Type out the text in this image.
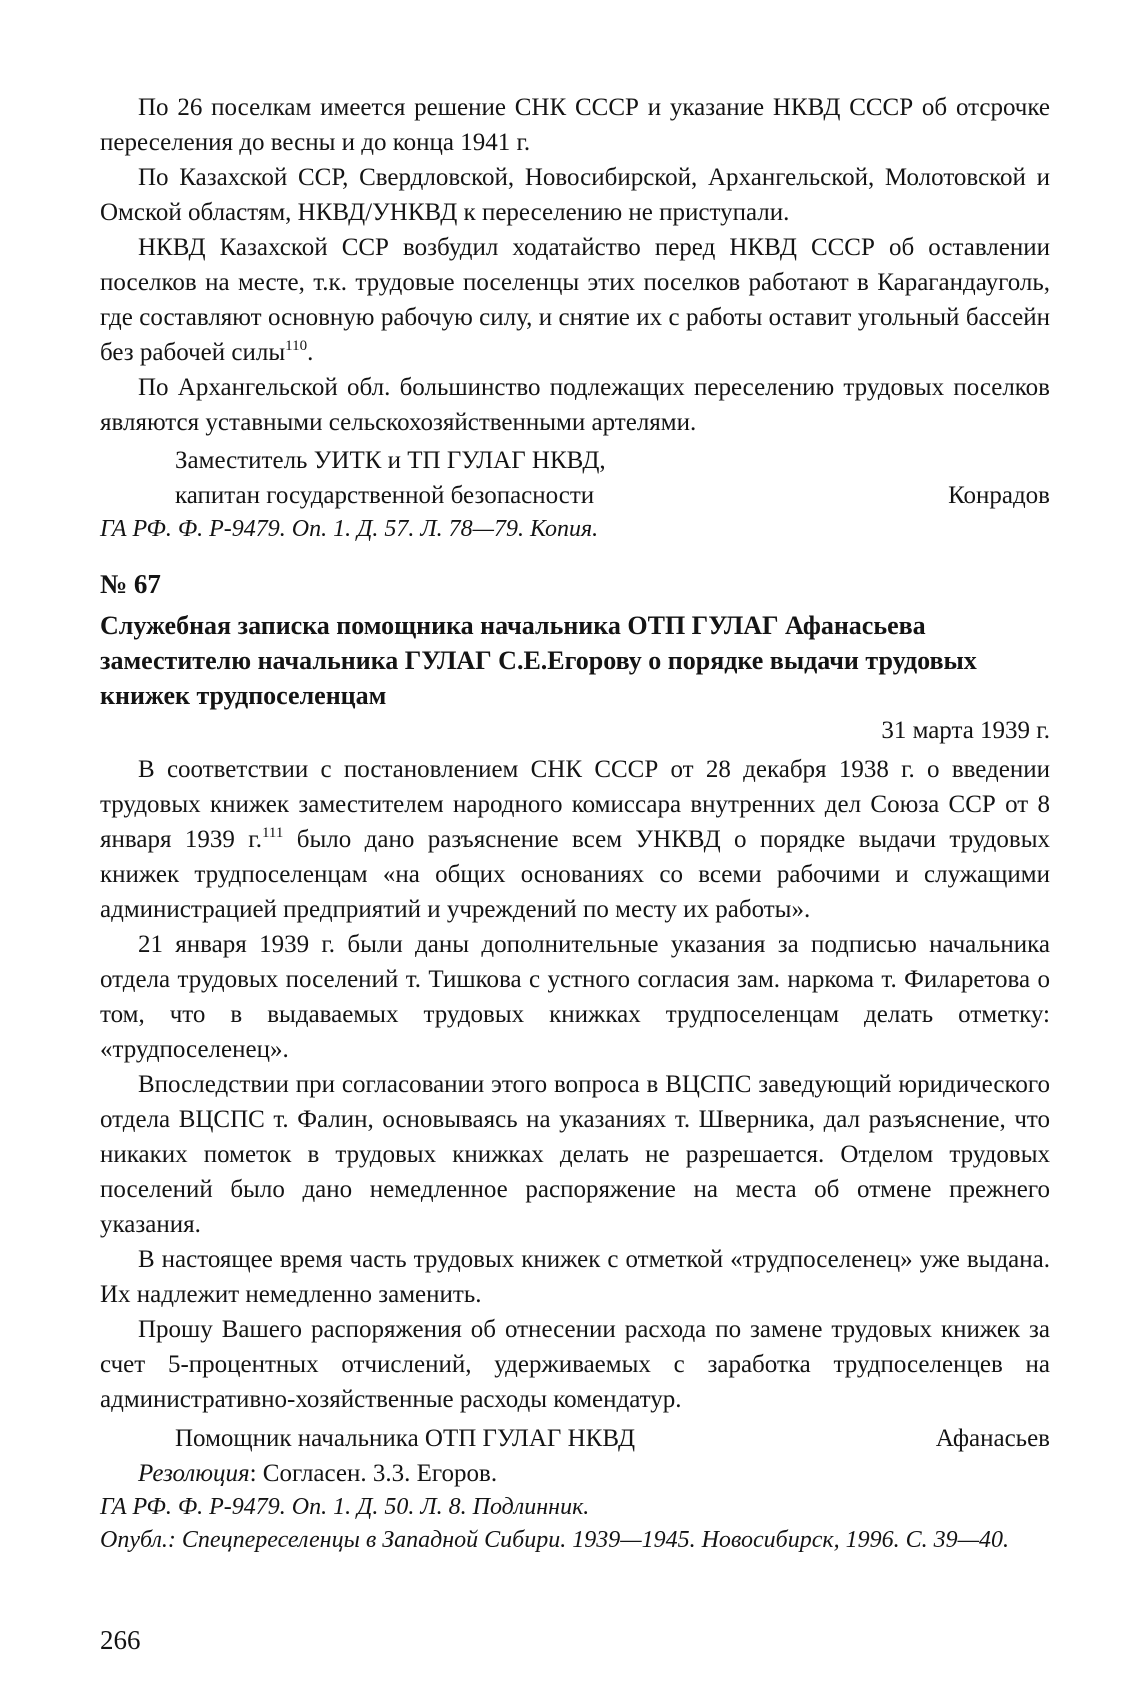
По 26 поселкам имеется решение СНК СССР и указание НКВД СССР об отсрочке переселения до весны и до конца 1941 г.

По Казахской ССР, Свердловской, Новосибирской, Архангельской, Молотовской и Омской областям, НКВД/УНКВД к переселению не приступали.

НКВД Казахской ССР возбудил ходатайство перед НКВД СССР об оставлении поселков на месте, т.к. трудовые поселенцы этих поселков работают в Карагандауголь, где составляют основную рабочую силу, и снятие их с работы оставит угольный бассейн без рабочей силы$^{110}$.

По Архангельской обл. большинство подлежащих переселению трудовых поселков являются уставными сельскохозяйственными артелями.

Заместитель УИТК и ТП ГУЛАГ НКВД,
капитан государственной безопасности	Конрадов
ГА РФ. Ф. Р-9479. Оп. 1. Д. 57. Л. 78—79. Копия.
№ 67
Служебная записка помощника начальника ОТП ГУЛАГ Афанасьева заместителю начальника ГУЛАГ С.Е.Егорову о порядке выдачи трудовых книжек трудпоселенцам
31 марта 1939 г.

В соответствии с постановлением СНК СССР от 28 декабря 1938 г. о введении трудовых книжек заместителем народного комиссара внутренних дел Союза ССР от 8 января 1939 г.$^{111}$ было дано разъяснение всем УНКВД о порядке выдачи трудовых книжек трудпоселенцам «на общих основаниях со всеми рабочими и служащими администрацией предприятий и учреждений по месту их работы».

21 января 1939 г. были даны дополнительные указания за подписью начальника отдела трудовых поселений т. Тишкова с устного согласия зам. наркома т. Филаретова о том, что в выдаваемых трудовых книжках трудпоселенцам делать отметку: «трудпоселенец».

Впоследствии при согласовании этого вопроса в ВЦСПС заведующий юридического отдела ВЦСПС т. Фалин, основываясь на указаниях т. Шверника, дал разъяснение, что никаких пометок в трудовых книжках делать не разрешается. Отделом трудовых поселений было дано немедленное распоряжение на места об отмене прежнего указания.

В настоящее время часть трудовых книжек с отметкой «трудпоселенец» уже выдана. Их надлежит немедленно заменить.

Прошу Вашего распоряжения об отнесении расхода по замене трудовых книжек за счет 5-процентных отчислений, удерживаемых с заработка трудпоселенцев на административно-хозяйственные расходы комендатур.

Помощник начальника ОТП ГУЛАГ НКВД	Афанасьев
Резолюция: Согласен. 3.3. Егоров.
ГА РФ. Ф. Р-9479. Оп. 1. Д. 50. Л. 8. Подлинник.
Опубл.: Спецпереселенцы в Западной Сибири. 1939—1945. Новосибирск, 1996. С. 39—40.
266
